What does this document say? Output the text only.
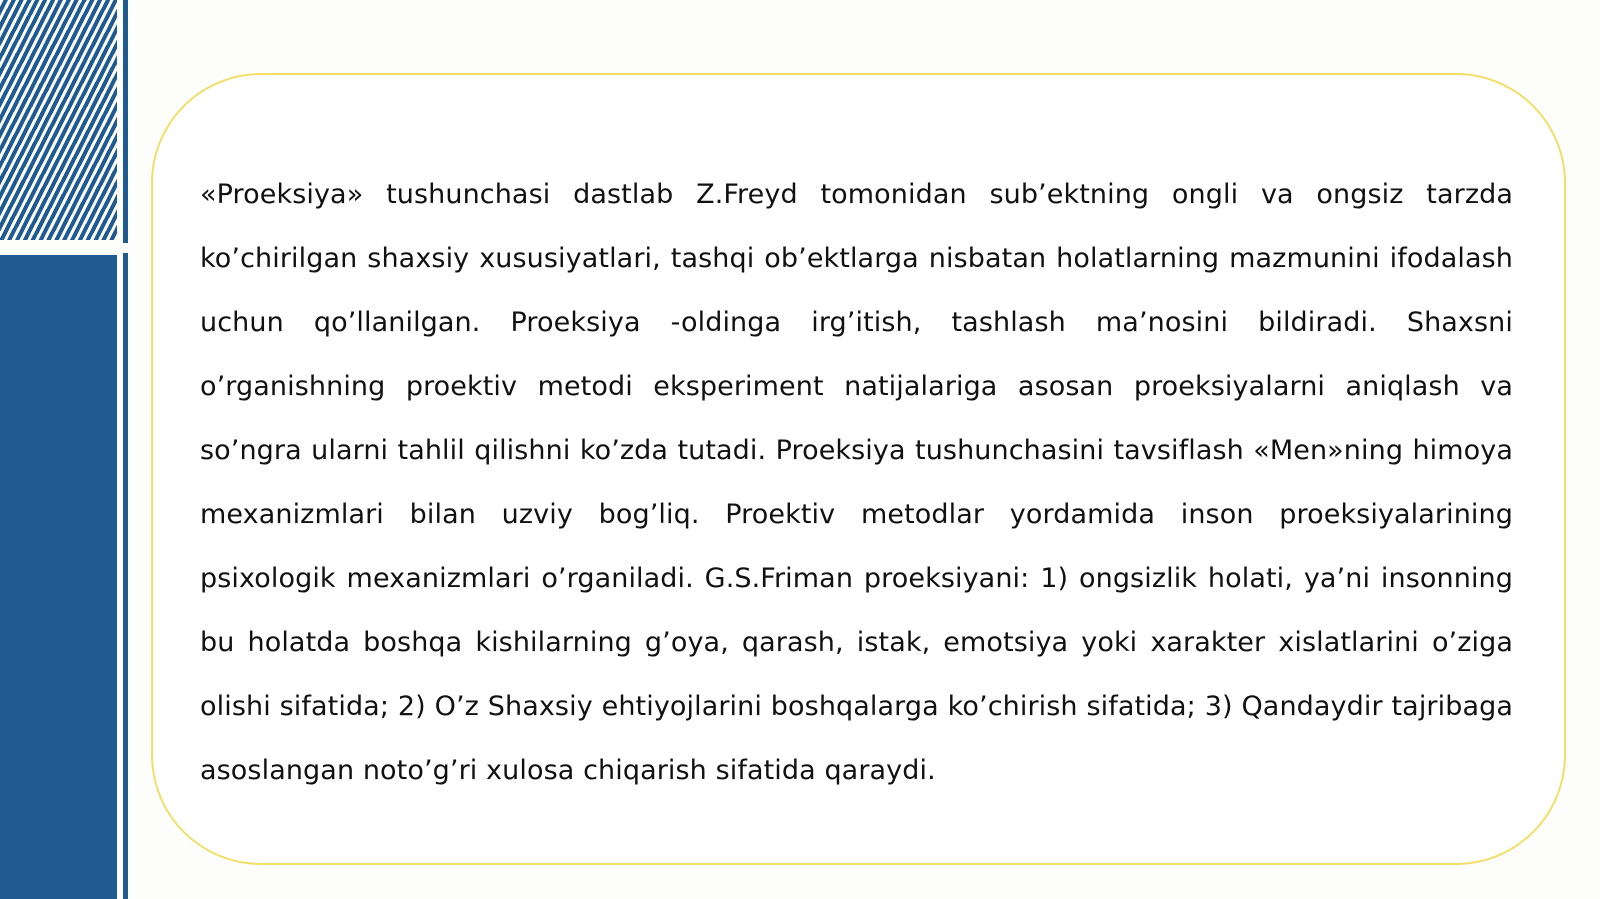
«Proeksiya» tushunchasi dastlab Z.Freyd tomonidan sub’ektning ongli va ongsiz tarzda ko’chirilgan shaxsiy xususiyatlari, tashqi ob’ektlarga nisbatan holatlarning mazmunini ifodalash uchun qo’llanilgan. Proeksiya -oldinga irg’itish, tashlash ma’nosini bildiradi. Shaxsni o’rganishning proektiv metodi eksperiment natijalariga asosan proeksiyalarni aniqlash va so’ngra ularni tahlil qilishni ko’zda tutadi. Proeksiya tushunchasini tavsiflash «Men»ning himoya mexanizmlari bilan uzviy bog’liq. Proektiv metodlar yordamida inson proeksiyalarining psixologik mexanizmlari o’rganiladi. G.S.Friman proeksiyani: 1) ongsizlik holati, ya’ni insonning bu holatda boshqa kishilarning g’oya, qarash, istak, emotsiya yoki xarakter xislatlarini o’ziga olishi sifatida; 2) O’z Shaxsiy ehtiyojlarini boshqalarga ko’chirish sifatida; 3) Qandaydir tajribaga asoslangan noto’g’ri xulosa chiqarish sifatida qaraydi.
